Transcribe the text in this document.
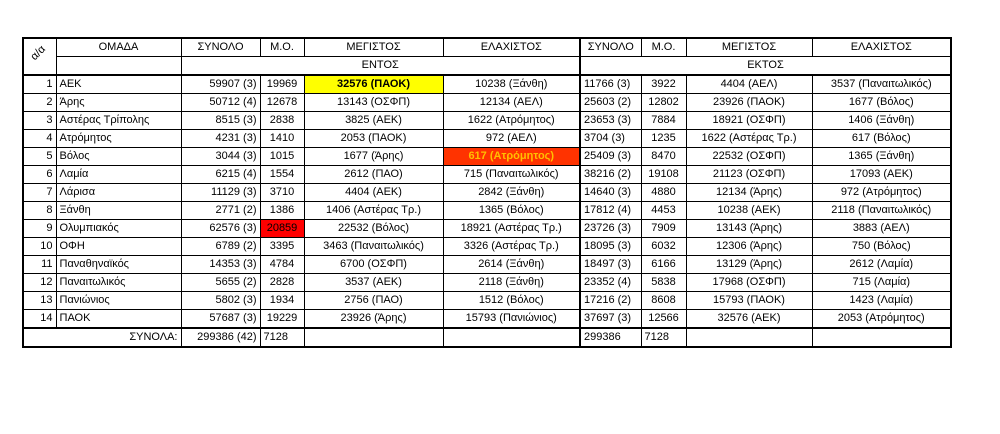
α/α	ΟΜΑΔΑ	ΣΥΝΟΛΟ	Μ.Ο.	ΜΕΓΙΣΤΟΣ	ΕΛΑΧΙΣΤΟΣ	ΣΥΝΟΛΟ	Μ.Ο.	ΜΕΓΙΣΤΟΣ	ΕΛΑΧΙΣΤΟΣ
		ΕΝΤΟΣ				ΕΚΤΟΣ			
1	ΑΕΚ	59907 (3)	19969	32576 (ΠΑΟΚ)	10238 (Ξάνθη)	11766 (3)	3922	4404 (ΑΕΛ)	3537 (Παναιτωλικός)
2	Άρης	50712 (4)	12678	13143 (ΟΣΦΠ)	12134 (ΑΕΛ)	25603 (2)	12802	23926 (ΠΑΟΚ)	1677 (Βόλος)
3	Αστέρας Τρίπολης	8515 (3)	2838	3825 (ΑΕΚ)	1622 (Ατρόμητος)	23653 (3)	7884	18921 (ΟΣΦΠ)	1406 (Ξάνθη)
4	Ατρόμητος	4231 (3)	1410	2053 (ΠΑΟΚ)	972 (ΑΕΛ)	3704 (3)	1235	1622 (Αστέρας Τρ.)	617 (Βόλος)
5	Βόλος	3044 (3)	1015	1677 (Άρης)	617 (Ατρόμητος)	25409 (3)	8470	22532 (ΟΣΦΠ)	1365 (Ξάνθη)
6	Λαμία	6215 (4)	1554	2612 (ΠΑΟ)	715 (Παναιτωλικός)	38216 (2)	19108	21123 (ΟΣΦΠ)	17093 (ΑΕΚ)
7	Λάρισα	11129 (3)	3710	4404 (ΑΕΚ)	2842 (Ξάνθη)	14640 (3)	4880	12134 (Άρης)	972 (Ατρόμητος)
8	Ξάνθη	2771 (2)	1386	1406 (Αστέρας Τρ.)	1365 (Βόλος)	17812 (4)	4453	10238 (ΑΕΚ)	2118 (Παναιτωλικός)
9	Ολυμπιακός	62576 (3)	20859	22532 (Βόλος)	18921 (Αστέρας Τρ.)	23726 (3)	7909	13143 (Άρης)	3883 (ΑΕΛ)
10	ΟΦΗ	6789 (2)	3395	3463 (Παναιτωλικός)	3326 (Αστέρας Τρ.)	18095 (3)	6032	12306 (Άρης)	750 (Βόλος)
11	Παναθηναϊκός	14353 (3)	4784	6700 (ΟΣΦΠ)	2614 (Ξάνθη)	18497 (3)	6166	13129 (Άρης)	2612 (Λαμία)
12	Παναιτωλικός	5655 (2)	2828	3537 (ΑΕΚ)	2118 (Ξάνθη)	23352 (4)	5838	17968 (ΟΣΦΠ)	715 (Λαμία)
13	Πανιώνιος	5802 (3)	1934	2756 (ΠΑΟ)	1512 (Βόλος)	17216 (2)	8608	15793 (ΠΑΟΚ)	1423 (Λαμία)
14	ΠΑΟΚ	57687 (3)	19229	23926 (Άρης)	15793 (Πανιώνιος)	37697 (3)	12566	32576 (ΑΕΚ)	2053 (Ατρόμητος)
ΣΥΝΟΛΑ:		299386 (42)	7128			299386	7128		
